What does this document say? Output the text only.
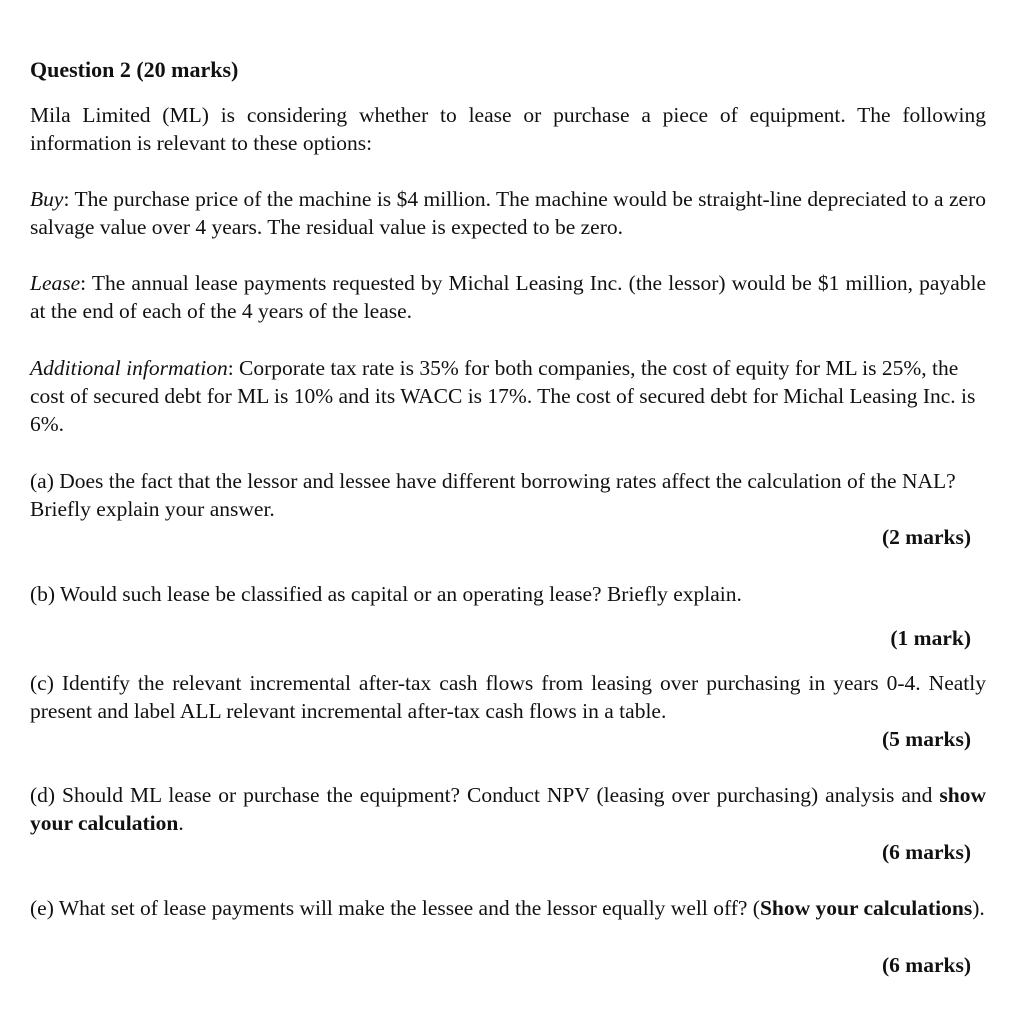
Question 2 (20 marks)

Mila Limited (ML) is considering whether to lease or purchase a piece of equipment. The following information is relevant to these options:

Buy: The purchase price of the machine is $4 million. The machine would be straight-line depreciated to a zero salvage value over 4 years. The residual value is expected to be zero.

Lease: The annual lease payments requested by Michal Leasing Inc. (the lessor) would be $1 million, payable at the end of each of the 4 years of the lease.

Additional information: Corporate tax rate is 35% for both companies, the cost of equity for ML is 25%, the cost of secured debt for ML is 10% and its WACC is 17%. The cost of secured debt for Michal Leasing Inc. is 6%.

(a) Does the fact that the lessor and lessee have different borrowing rates affect the calculation of the NAL? Briefly explain your answer.

(2 marks)

(b) Would such lease be classified as capital or an operating lease? Briefly explain.

(1 mark)

(c) Identify the relevant incremental after-tax cash flows from leasing over purchasing in years 0-4. Neatly present and label ALL relevant incremental after-tax cash flows in a table.

(5 marks)

(d) Should ML lease or purchase the equipment? Conduct NPV (leasing over purchasing) analysis and show your calculation.

(6 marks)

(e) What set of lease payments will make the lessee and the lessor equally well off? (Show your calculations).

(6 marks)
